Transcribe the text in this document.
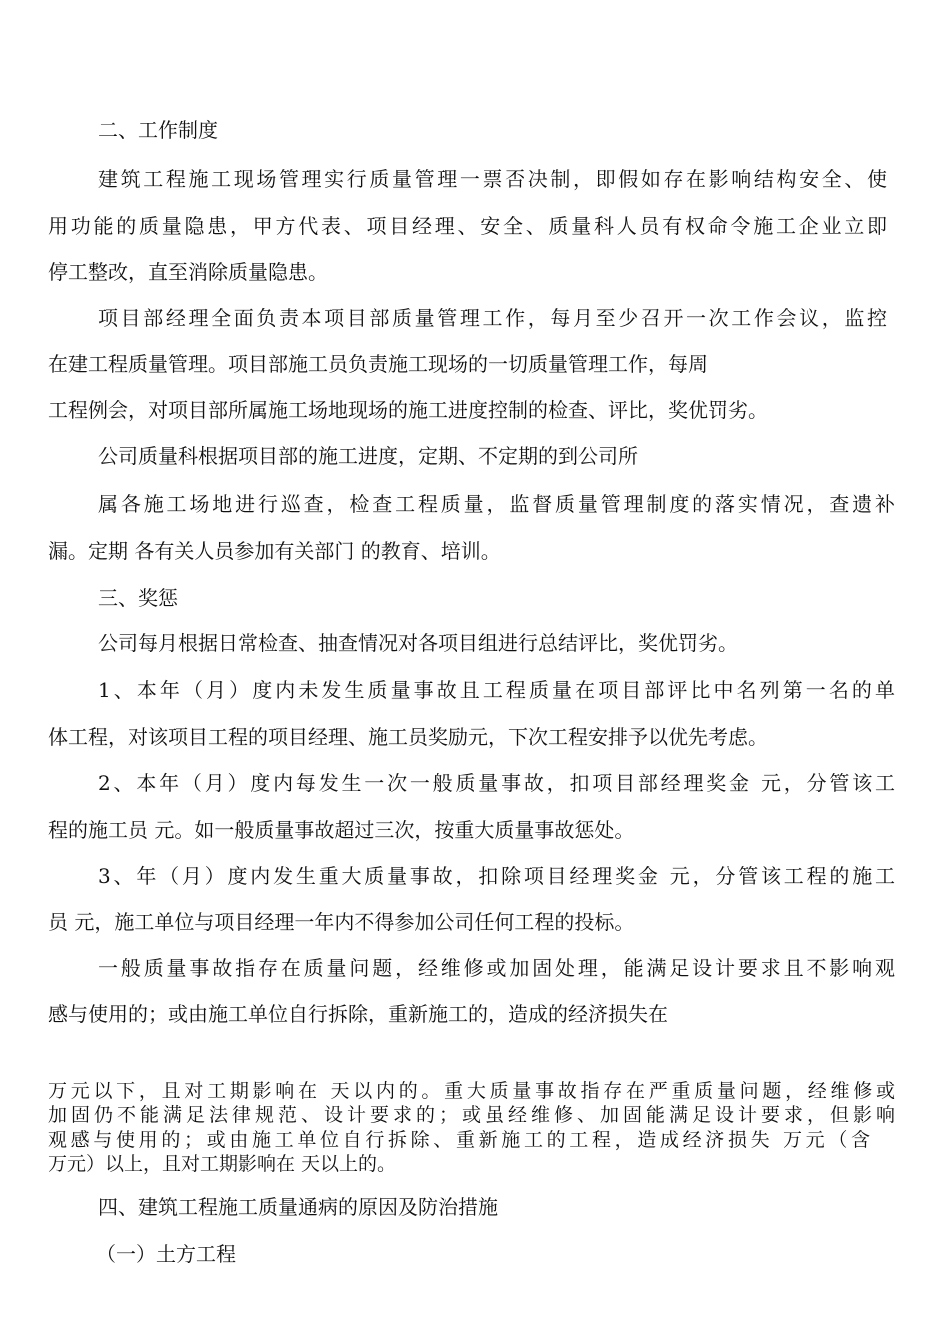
二、工作制度

建筑工程施工现场管理实行质量管理一票否决制，即假如存在影响结构安全、使

用功能的质量隐患，甲方代表、项目经理、安全、质量科人员有权命令施工企业立即

停工整改，直至消除质量隐患。

项目部经理全面负责本项目部质量管理工作，每月至少召开一次工作会议，监控

在建工程质量管理。项目部施工员负责施工现场的一切质量管理工作，每周

工程例会，对项目部所属施工场地现场的施工进度控制的检查、评比，奖优罚劣。

公司质量科根据项目部的施工进度，定期、不定期的到公司所

属各施工场地进行巡查，检查工程质量，监督质量管理制度的落实情况，查遗补

漏。定期 各有关人员参加有关部门 的教育、培训。

三、奖惩

公司每月根据日常检查、抽查情况对各项目组进行总结评比，奖优罚劣。

1、本年（月）度内未发生质量事故且工程质量在项目部评比中名列第一名的单

体工程，对该项目工程的项目经理、施工员奖励元，下次工程安排予以优先考虑。

2、本年（月）度内每发生一次一般质量事故，扣项目部经理奖金 元，分管该工

程的施工员 元。如一般质量事故超过三次，按重大质量事故惩处。

3、年（月）度内发生重大质量事故，扣除项目经理奖金 元，分管该工程的施工

员 元，施工单位与项目经理一年内不得参加公司任何工程的投标。

一般质量事故指存在质量问题，经维修或加固处理，能满足设计要求且不影响观

感与使用的；或由施工单位自行拆除，重新施工的，造成的经济损失在

万元以下，且对工期影响在 天以内的。重大质量事故指存在严重质量问题，经维修或

加固仍不能满足法律规范、设计要求的；或虽经维修、加固能满足设计要求，但影响

观感与使用的；或由施工单位自行拆除、重新施工的工程，造成经济损失 万元（含

万元）以上，且对工期影响在 天以上的。

四、建筑工程施工质量通病的原因及防治措施

（一）土方工程
